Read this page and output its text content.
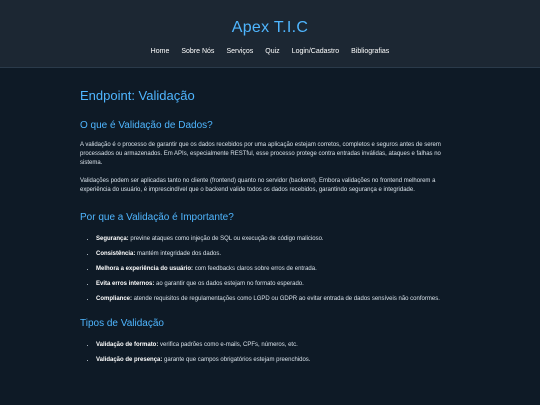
Apex T.I.C
Home Sobre Nós Serviços Quiz Login/Cadastro Bibliografias
Endpoint: Validação
O que é Validação de Dados?

A validação é o processo de garantir que os dados recebidos por uma aplicação estejam corretos, completos e seguros antes de serem processados ou armazenados. Em APIs, especialmente RESTful, esse processo protege contra entradas inválidas, ataques e falhas no sistema.

Validações podem ser aplicadas tanto no cliente (frontend) quanto no servidor (backend). Embora validações no frontend melhorem a experiência do usuário, é imprescindível que o backend valide todos os dados recebidos, garantindo segurança e integridade.

Por que a Validação é Importante?
• Segurança: previne ataques como injeção de SQL ou execução de código malicioso.
• Consistência: mantém integridade dos dados.
• Melhora a experiência do usuário: com feedbacks claros sobre erros de entrada.
• Evita erros internos: ao garantir que os dados estejam no formato esperado.
• Compliance: atende requisitos de regulamentações como LGPD ou GDPR ao evitar entrada de dados sensíveis não conformes.
Tipos de Validação
• Validação de formato: verifica padrões como e-mails, CPFs, números, etc.
• Validação de presença: garante que campos obrigatórios estejam preenchidos.
